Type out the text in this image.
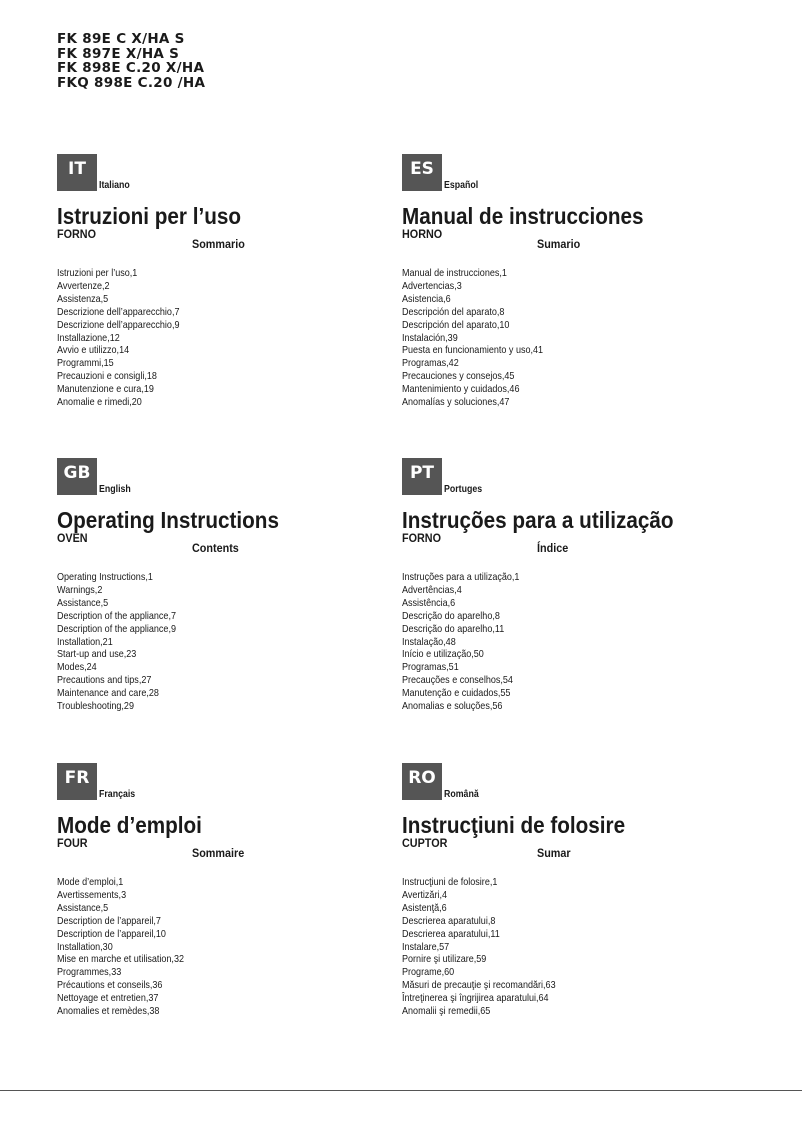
FK 89E C X/HA S
FK 897E X/HA S
FK 898E C.20 X/HA
FKQ 898E C.20 /HA
IT
Italiano
Istruzioni per l’uso
FORNO
Sommario
Istruzioni per l’uso,1
Avvertenze,2
Assistenza,5
Descrizione dell’apparecchio,7
Descrizione dell’apparecchio,9
Installazione,12
Avvio e utilizzo,14
Programmi,15
Precauzioni e consigli,18
Manutenzione e cura,19
Anomalie e rimedi,20
ES
Español
Manual de instrucciones
HORNO
Sumario
Manual de instrucciones,1
Advertencias,3
Asistencia,6
Descripción del aparato,8
Descripción del aparato,10
Instalación,39
Puesta en funcionamiento y uso,41
Programas,42
Precauciones y consejos,45
Mantenimiento y cuidados,46
Anomalías y soluciones,47
GB
English
Operating Instructions
OVEN
Contents
Operating Instructions,1
Warnings,2
Assistance,5
Description of the appliance,7
Description of the appliance,9
Installation,21
Start-up and use,23
Modes,24
Precautions and tips,27
Maintenance and care,28
Troubleshooting,29
PT
Portuges
Instruções para a utilização
FORNO
Índice
Instruções para a utilização,1
Advertências,4
Assistência,6
Descrição do aparelho,8
Descrição do aparelho,11
Instalação,48
Início e utilização,50
Programas,51
Precauções e conselhos,54
Manutenção e cuidados,55
Anomalias e soluções,56
FR
Français
Mode d’emploi
FOUR
Sommaire
Mode d’emploi,1
Avertissements,3
Assistance,5
Description de l’appareil,7
Description de l’appareil,10
Installation,30
Mise en marche et utilisation,32
Programmes,33
Précautions et conseils,36
Nettoyage et entretien,37
Anomalies et remèdes,38
RO
Română
Instrucţiuni de folosire
CUPTOR
Sumar
Instrucţiuni de folosire,1
Avertizări,4
Asistenţă,6
Descrierea aparatului,8
Descrierea aparatului,11
Instalare,57
Pornire şi utilizare,59
Programe,60
Măsuri de precauţie şi recomandări,63
Întreţinerea şi îngrijirea aparatului,64
Anomalii şi remedii,65
